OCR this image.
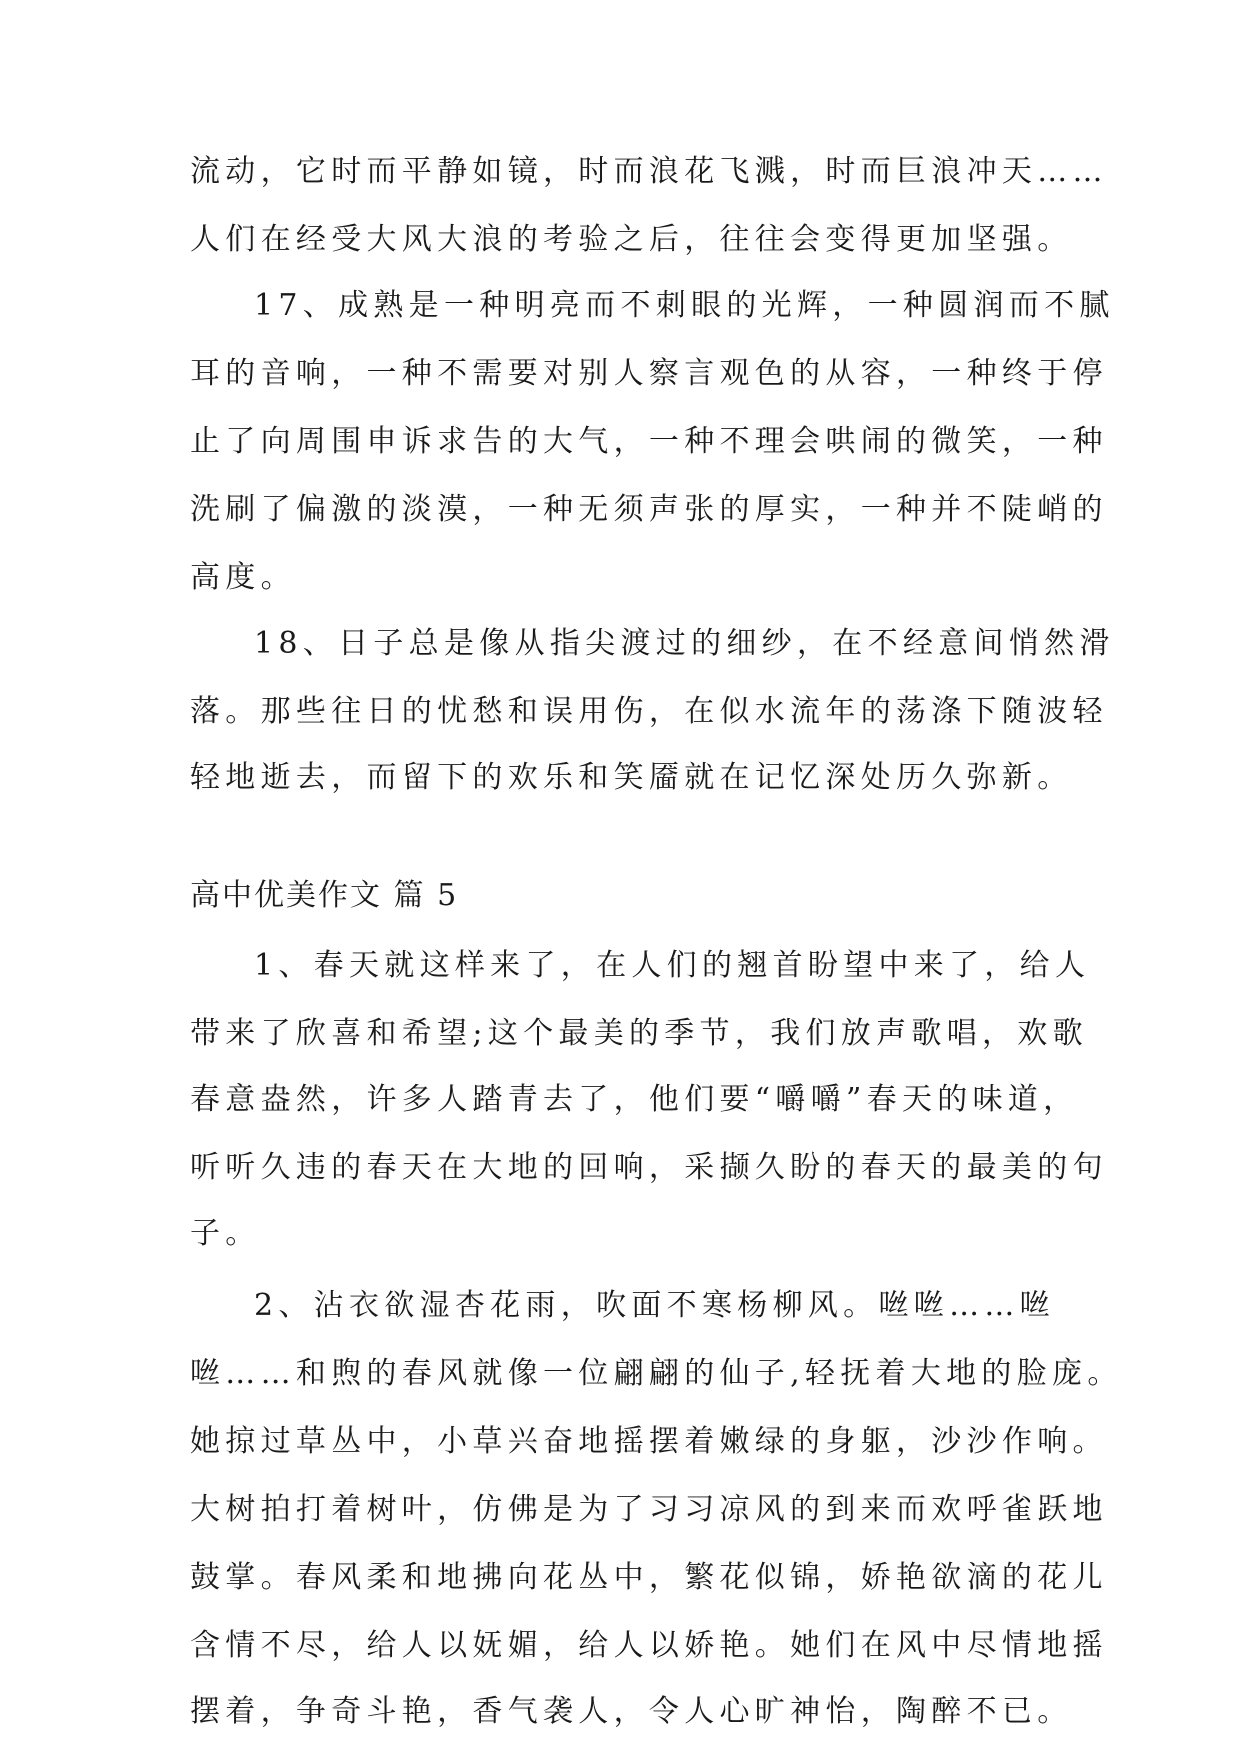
流动，它时而平静如镜，时而浪花飞溅，时而巨浪冲天……
人们在经受大风大浪的考验之后，往往会变得更加坚强。
17、成熟是一种明亮而不刺眼的光辉，一种圆润而不腻
耳的音响，一种不需要对别人察言观色的从容，一种终于停
止了向周围申诉求告的大气，一种不理会哄闹的微笑，一种
洗刷了偏激的淡漠，一种无须声张的厚实，一种并不陡峭的
高度。
18、日子总是像从指尖渡过的细纱，在不经意间悄然滑
落。那些往日的忧愁和误用伤，在似水流年的荡涤下随波轻
轻地逝去，而留下的欢乐和笑靥就在记忆深处历久弥新。
高中优美作文 篇 5
1、春天就这样来了，在人们的翘首盼望中来了，给人
带来了欣喜和希望;这个最美的季节，我们放声歌唱，欢歌
春意盎然，许多人踏青去了，他们要“嚼嚼”春天的味道，
听听久违的春天在大地的回响，采撷久盼的春天的最美的句
子。
2、沾衣欲湿杏花雨，吹面不寒杨柳风。咝咝……咝
咝……和煦的春风就像一位翩翩的仙子,轻抚着大地的脸庞。
她掠过草丛中，小草兴奋地摇摆着嫩绿的身躯，沙沙作响。
大树拍打着树叶，仿佛是为了习习凉风的到来而欢呼雀跃地
鼓掌。春风柔和地拂向花丛中，繁花似锦，娇艳欲滴的花儿
含情不尽，给人以妩媚，给人以娇艳。她们在风中尽情地摇
摆着，争奇斗艳，香气袭人，令人心旷神怡，陶醉不已。
